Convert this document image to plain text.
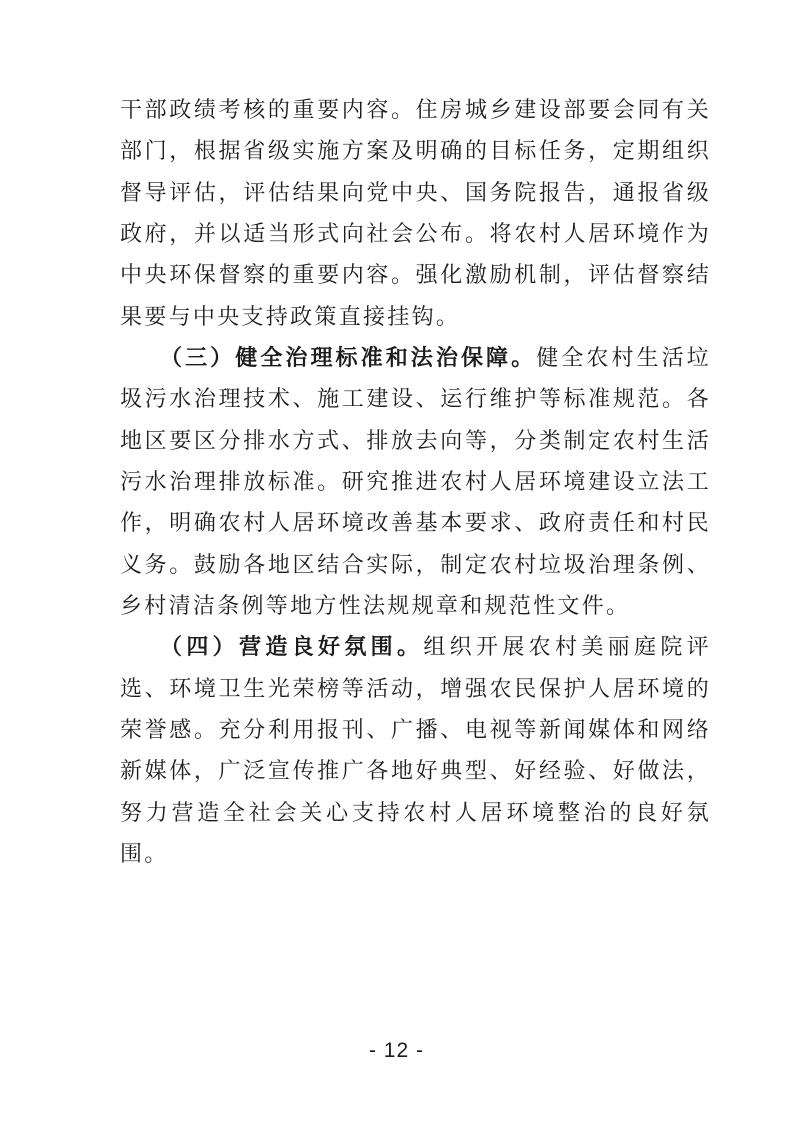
干部政绩考核的重要内容。住房城乡建设部要会同有关部门，根据省级实施方案及明确的目标任务，定期组织督导评估，评估结果向党中央、国务院报告，通报省级政府，并以适当形式向社会公布。将农村人居环境作为中央环保督察的重要内容。强化激励机制，评估督察结果要与中央支持政策直接挂钩。

（三）健全治理标准和法治保障。健全农村生活垃圾污水治理技术、施工建设、运行维护等标准规范。各地区要区分排水方式、排放去向等，分类制定农村生活污水治理排放标准。研究推进农村人居环境建设立法工作，明确农村人居环境改善基本要求、政府责任和村民义务。鼓励各地区结合实际，制定农村垃圾治理条例、乡村清洁条例等地方性法规规章和规范性文件。

（四）营造良好氛围。组织开展农村美丽庭院评选、环境卫生光荣榜等活动，增强农民保护人居环境的荣誉感。充分利用报刊、广播、电视等新闻媒体和网络新媒体，广泛宣传推广各地好典型、好经验、好做法，努力营造全社会关心支持农村人居环境整治的良好氛围。

- 12 -
